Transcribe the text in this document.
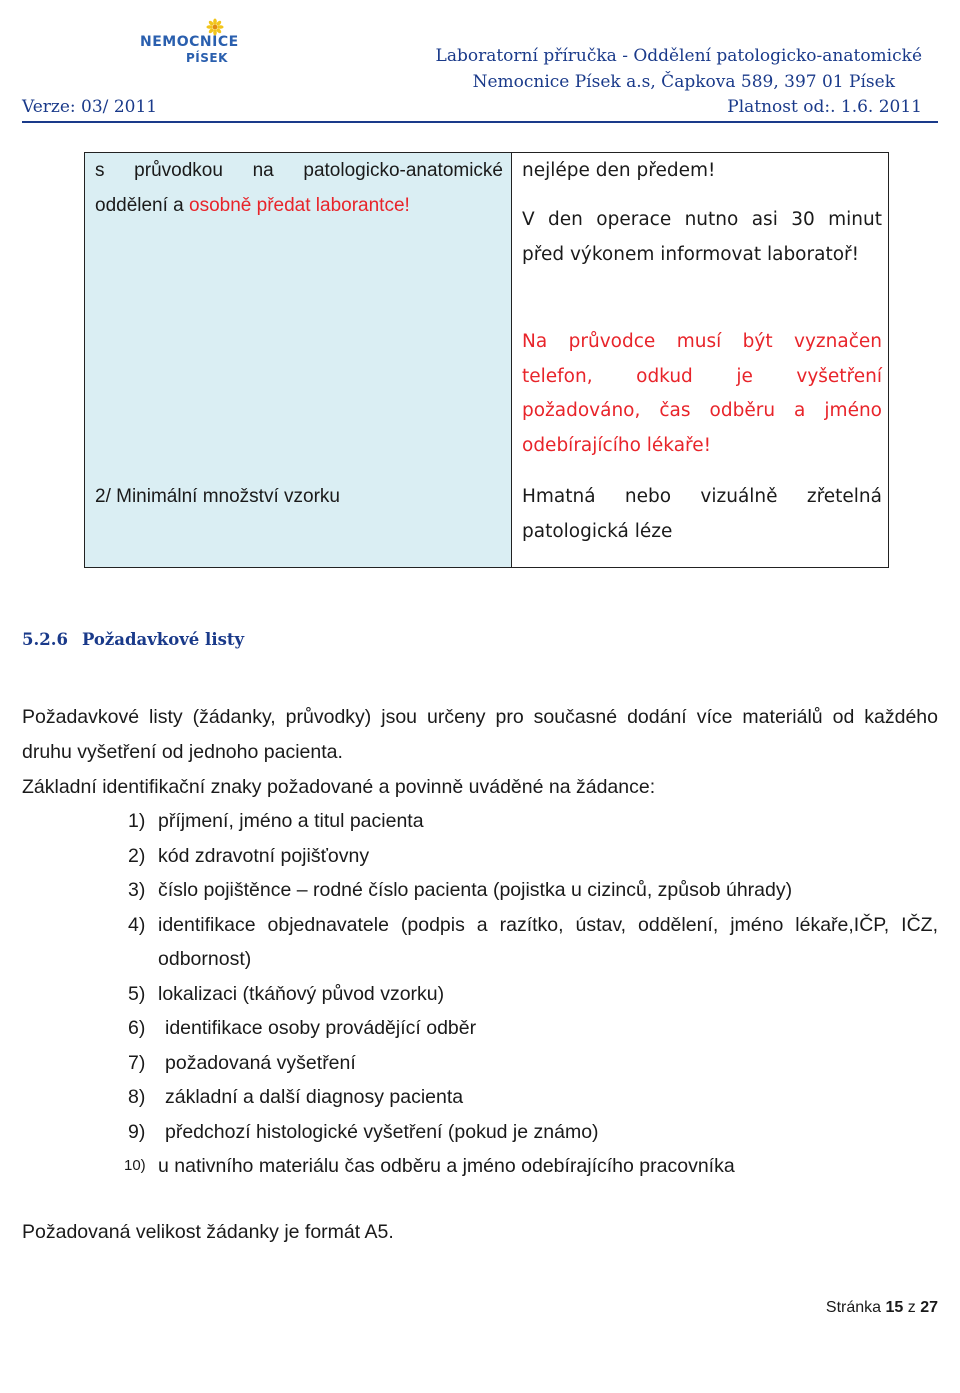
NEMOCNICE
PÍSEK	Laboratorní příručka - Oddělení patologicko-anatomické
Nemocnice Písek a.s, Čapkova 589, 397 01 Písek
Verze: 03/ 2011	Platnost od:. 1.6. 2011
s průvodkou na patologicko-anatomické oddělení a osobně předat laborantce!
2/ Minimální množství vzorku
nejlépe den předem!
V den operace nutno asi 30 minut před výkonem informovat laboratoř!
Na průvodce musí být vyznačen telefon, odkud je vyšetření požadováno, čas odběru a jméno odebírajícího lékaře!
Hmatná nebo vizuálně zřetelná patologická léze
5.2.6 Požadavkové listy
Požadavkové listy (žádanky, průvodky) jsou určeny pro současné dodání více materiálů od každého druhu vyšetření od jednoho pacienta.
Základní identifikační znaky požadované a povinně uváděné na žádance:
1) příjmení, jméno a titul pacienta
2) kód zdravotní pojišťovny
3) číslo pojištěnce – rodné číslo pacienta (pojistka u cizinců, způsob úhrady)
4) identifikace objednavatele (podpis a razítko, ústav, oddělení, jméno lékaře,IČP, IČZ, odbornost)
5) lokalizaci (tkáňový původ vzorku)
6) identifikace osoby provádějící odběr
7) požadovaná vyšetření
8) základní a další diagnosy pacienta
9) předchozí histologické vyšetření (pokud je známo)
10) u nativního materiálu čas odběru a jméno odebírajícího pracovníka
Požadovaná velikost žádanky je formát A5.
Stránka 15 z 27
